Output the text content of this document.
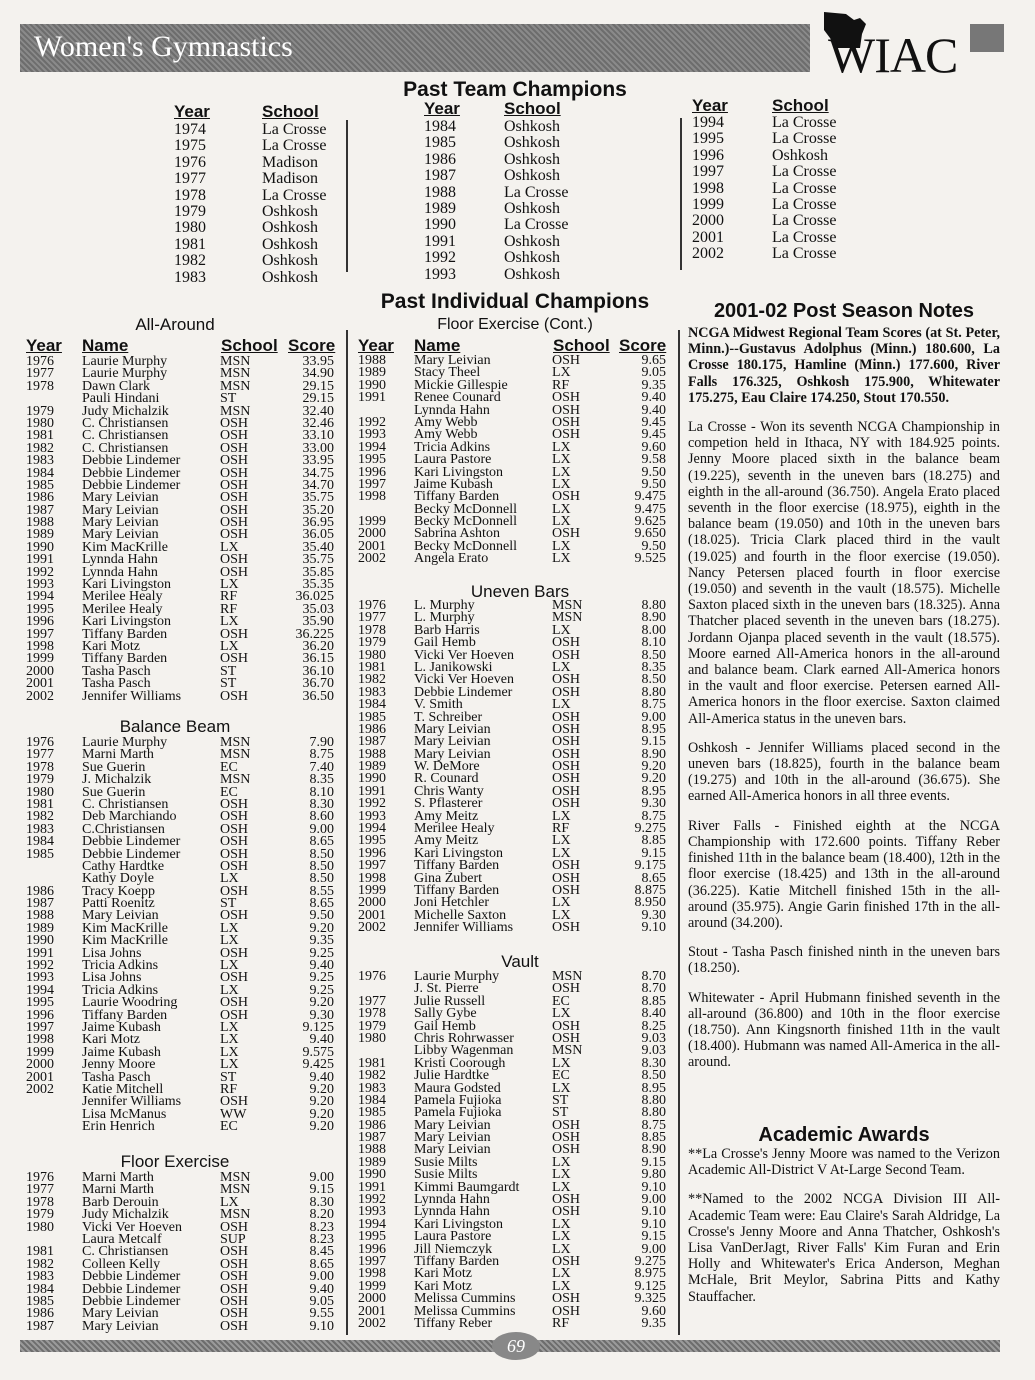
Women's Gymnastics	WIAC
Past Team Champions
Year	School
1974	La Crosse
1975	La Crosse
1976	Madison
1977	Madison
1978	La Crosse
1979	Oshkosh
1980	Oshkosh
1981	Oshkosh
1982	Oshkosh
1983	Oshkosh
Year	School
1984	Oshkosh
1985	Oshkosh
1986	Oshkosh
1987	Oshkosh
1988	La Crosse
1989	Oshkosh
1990	La Crosse
1991	Oshkosh
1992	Oshkosh
1993	Oshkosh
Year	School
1994	La Crosse
1995	La Crosse
1996	Oshkosh
1997	La Crosse
1998	La Crosse
1999	La Crosse
2000	La Crosse
2001	La Crosse
2002	La Crosse
Past Individual Champions
All-Around
Year Name	School Score
1976 Laurie Murphy	MSN	33.95
1977 Laurie Murphy	MSN	34.90
1978 Dawn Clark	MSN	29.15
Pauli Hindani	ST	29.15
1979 Judy Michalzik	MSN	32.40
1980 C. Christiansen	OSH	32.46
1981 C. Christiansen	OSH	33.10
1982 C. Christiansen	OSH	33.00
1983 Debbie Lindemer	OSH	33.95
1984 Debbie Lindemer	OSH	34.75
1985 Debbie Lindemer	OSH	34.70
1986 Mary Leivian	OSH	35.75
1987 Mary Leivian	OSH	35.20
1988 Mary Leivian	OSH	36.95
1989 Mary Leivian	OSH	36.05
1990 Kim MacKrille	LX	35.40
1991 Lynnda Hahn	OSH	35.75
1992 Lynnda Hahn	OSH	35.85
1993 Kari Livingston	LX	35.35
1994 Merilee Healy	RF	36.025
1995 Merilee Healy	RF	35.03
1996 Kari Livingston	LX	35.90
1997 Tiffany Barden	OSH	36.225
1998 Kari Motz	LX	36.20
1999 Tiffany Barden	OSH	36.15
2000 Tasha Pasch	ST	36.10
2001 Tasha Pasch	ST	36.70
2002 Jennifer Williams	OSH	36.50
Balance Beam
1976 Laurie Murphy	MSN	7.90
1977 Marni Marth	MSN	8.75
1978 Sue Guerin	EC	7.40
1979 J. Michalzik	MSN	8.35
1980 Sue Guerin	EC	8.10
1981 C. Christiansen	OSH	8.30
1982 Deb Marchiando	OSH	8.60
1983 C.Christiansen	OSH	9.00
1984 Debbie Lindemer	OSH	8.65
1985 Debbie Lindemer	OSH	8.50
Cathy Hardtke	OSH	8.50
Kathy Doyle	LX	8.50
1986 Tracy Koepp	OSH	8.55
1987 Patti Roenitz	ST	8.65
1988 Mary Leivian	OSH	9.50
1989 Kim MacKrille	LX	9.20
1990 Kim MacKrille	LX	9.35
1991 Lisa Johns	OSH	9.25
1992 Tricia Adkins	LX	9.40
1993 Lisa Johns	OSH	9.25
1994 Tricia Adkins	LX	9.25
1995 Laurie Woodring	OSH	9.20
1996 Tiffany Barden	OSH	9.30
1997 Jaime Kubash	LX	9.125
1998 Kari Motz	LX	9.40
1999 Jaime Kubash	LX	9.575
2000 Jenny Moore	LX	9.425
2001 Tasha Pasch	ST	9.40
2002 Katie Mitchell	RF	9.20
Jennifer Williams	OSH	9.20
Lisa McManus	WW	9.20
Erin Henrich	EC	9.20
Floor Exercise
1976 Marni Marth	MSN	9.00
1977 Marni Marth	MSN	9.15
1978 Barb Derouin	LX	8.30
1979 Judy Michalzik	MSN	8.20
1980 Vicki Ver Hoeven	OSH	8.23
Laura Metcalf	SUP	8.23
1981 C. Christiansen	OSH	8.45
1982 Colleen Kelly	OSH	8.65
1983 Debbie Lindemer	OSH	9.00
1984 Debbie Lindemer	OSH	9.40
1985 Debbie Lindemer	OSH	9.05
1986 Mary Leivian	OSH	9.55
1987 Mary Leivian	OSH	9.10
Floor Exercise (Cont.)
Year Name	School Score
1988 Mary Leivian	OSH	9.65
1989 Stacy Theel	LX	9.05
1990 Mickie Gillespie	RF	9.35
1991 Renee Counard	OSH	9.40
Lynnda Hahn	OSH	9.40
1992 Amy Webb	OSH	9.45
1993 Amy Webb	OSH	9.45
1994 Tricia Adkins	LX	9.60
1995 Laura Pastore	LX	9.58
1996 Kari Livingston	LX	9.50
1997 Jaime Kubash	LX	9.50
1998 Tiffany Barden	OSH	9.475
Becky McDonnell LX	9.475
1999 Becky McDonnell LX	9.625
2000 Sabrina Ashton	OSH	9.650
2001 Becky McDonnell LX	9.50
2002 Angela Erato	LX	9.525
Uneven Bars
1976 L. Murphy	MSN	8.80
1977 L. Murphy	MSN	8.90
1978 Barb Harris	LX	8.00
1979 Gail Hemb	OSH	8.10
1980 Vicki Ver Hoeven	OSH	8.50
1981 L. Janikowski	LX	8.35
1982 Vicki Ver Hoeven	OSH	8.50
1983 Debbie Lindemer	OSH	8.80
1984 V. Smith	LX	8.75
1985 T. Schreiber	OSH	9.00
1986 Mary Leivian	OSH	8.95
1987 Mary Leivian	OSH	9.15
1988 Mary Leivian	OSH	8.90
1989 W. DeMore	OSH	9.20
1990 R. Counard	OSH	9.20
1991 Chris Wanty	OSH	8.95
1992 S. Pflasterer	OSH	9.30
1993 Amy Meitz	LX	8.75
1994 Merilee Healy	RF	9.275
1995 Amy Meitz	LX	8.85
1996 Kari Livingston	LX	9.15
1997 Tiffany Barden	OSH	9.175
1998 Gina Zubert	OSH	8.65
1999 Tiffany Barden	OSH	8.875
2000 Joni Hetchler	LX	8.950
2001 Michelle Saxton	LX	9.30
2002 Jennifer Williams	OSH	9.10
Vault
1976 Laurie Murphy	MSN	8.70
J. St. Pierre	OSH	8.70
1977 Julie Russell	EC	8.85
1978 Sally Gybe	LX	8.40
1979 Gail Hemb	OSH	8.25
1980 Chris Rohrwasser	OSH	9.03
Libby Wagenman	MSN	9.03
1981 Kristi Coorough	LX	8.30
1982 Julie Hardtke	EC	8.50
1983 Maura Godsted	LX	8.95
1984 Pamela Fujioka	ST	8.80
1985 Pamela Fujioka	ST	8.80
1986 Mary Leivian	OSH	8.75
1987 Mary Leivian	OSH	8.85
1988 Mary Leivian	OSH	8.90
1989 Susie Milts	LX	9.15
1990 Susie Milts	LX	9.80
1991 Kimmi Baumgardt LX	9.10
1992 Lynnda Hahn	OSH	9.00
1993 Lynnda Hahn	OSH	9.10
1994 Kari Livingston	LX	9.10
1995 Laura Pastore	LX	9.15
1996 Jill Niemczyk	LX	9.00
1997 Tiffany Barden	OSH	9.275
1998 Kari Motz	LX	8.975
1999 Kari Motz	LX	9.125
2000 Melissa Cummins	OSH	9.325
2001 Melissa Cummins	OSH	9.60
2002 Tiffany Reber	RF	9.35
2001-02 Post Season Notes

NCGA Midwest Regional Team Scores (at St. Peter, Minn.)--Gustavus Adolphus (Minn.) 180.600, La Crosse 180.175, Hamline (Minn.) 177.600, River Falls 176.325, Oshkosh 175.900, Whitewater 175.275, Eau Claire 174.250, Stout 170.550.

La Crosse - Won its seventh NCGA Championship in competion held in Ithaca, NY with 184.925 points. Jenny Moore placed sixth in the balance beam (19.225), seventh in the uneven bars (18.275) and eighth in the all-around (36.750). Angela Erato placed seventh in the floor exercise (18.975), eighth in the balance beam (19.050) and 10th in the uneven bars (18.025). Tricia Clark placed third in the vault (19.025) and fourth in the floor exercise (19.050). Nancy Petersen placed fourth in floor exercise (19.050) and seventh in the vault (18.575). Michelle Saxton placed sixth in the uneven bars (18.325). Anna Thatcher placed seventh in the uneven bars (18.275). Jordann Ojanpa placed seventh in the vault (18.575). Moore earned All-America honors in the all-around and balance beam. Clark earned All-America honors in the vault and floor exercise. Petersen earned All-America honors in the floor exercise. Saxton claimed All-America status in the uneven bars.

Oshkosh - Jennifer Williams placed second in the uneven bars (18.825), fourth in the balance beam (19.275) and 10th in the all-around (36.675). She earned All-America honors in all three events.

River Falls - Finished eighth at the NCGA Championship with 172.600 points. Tiffany Reber finished 11th in the balance beam (18.400), 12th in the floor exercise (18.425) and 13th in the all-around (36.225). Katie Mitchell finished 15th in the all-around (35.975). Angie Garin finished 17th in the all-around (34.200).

Stout - Tasha Pasch finished ninth in the uneven bars (18.250).

Whitewater - April Hubmann finished seventh in the all-around (36.800) and 10th in the floor exercise (18.750). Ann Kingsnorth finished 11th in the vault (18.400). Hubmann was named All-America in the all-around.

Academic Awards

**La Crosse's Jenny Moore was named to the Verizon Academic All-District V At-Large Second Team.

**Named to the 2002 NCGA Division III All-Academic Team were: Eau Claire's Sarah Aldridge, La Crosse's Jenny Moore and Anna Thatcher, Oshkosh's Lisa VanDerJagt, River Falls' Kim Furan and Erin Holly and Whitewater's Erica Anderson, Meghan McHale, Brit Meylor, Sabrina Pitts and Kathy Stauffacher.

69
